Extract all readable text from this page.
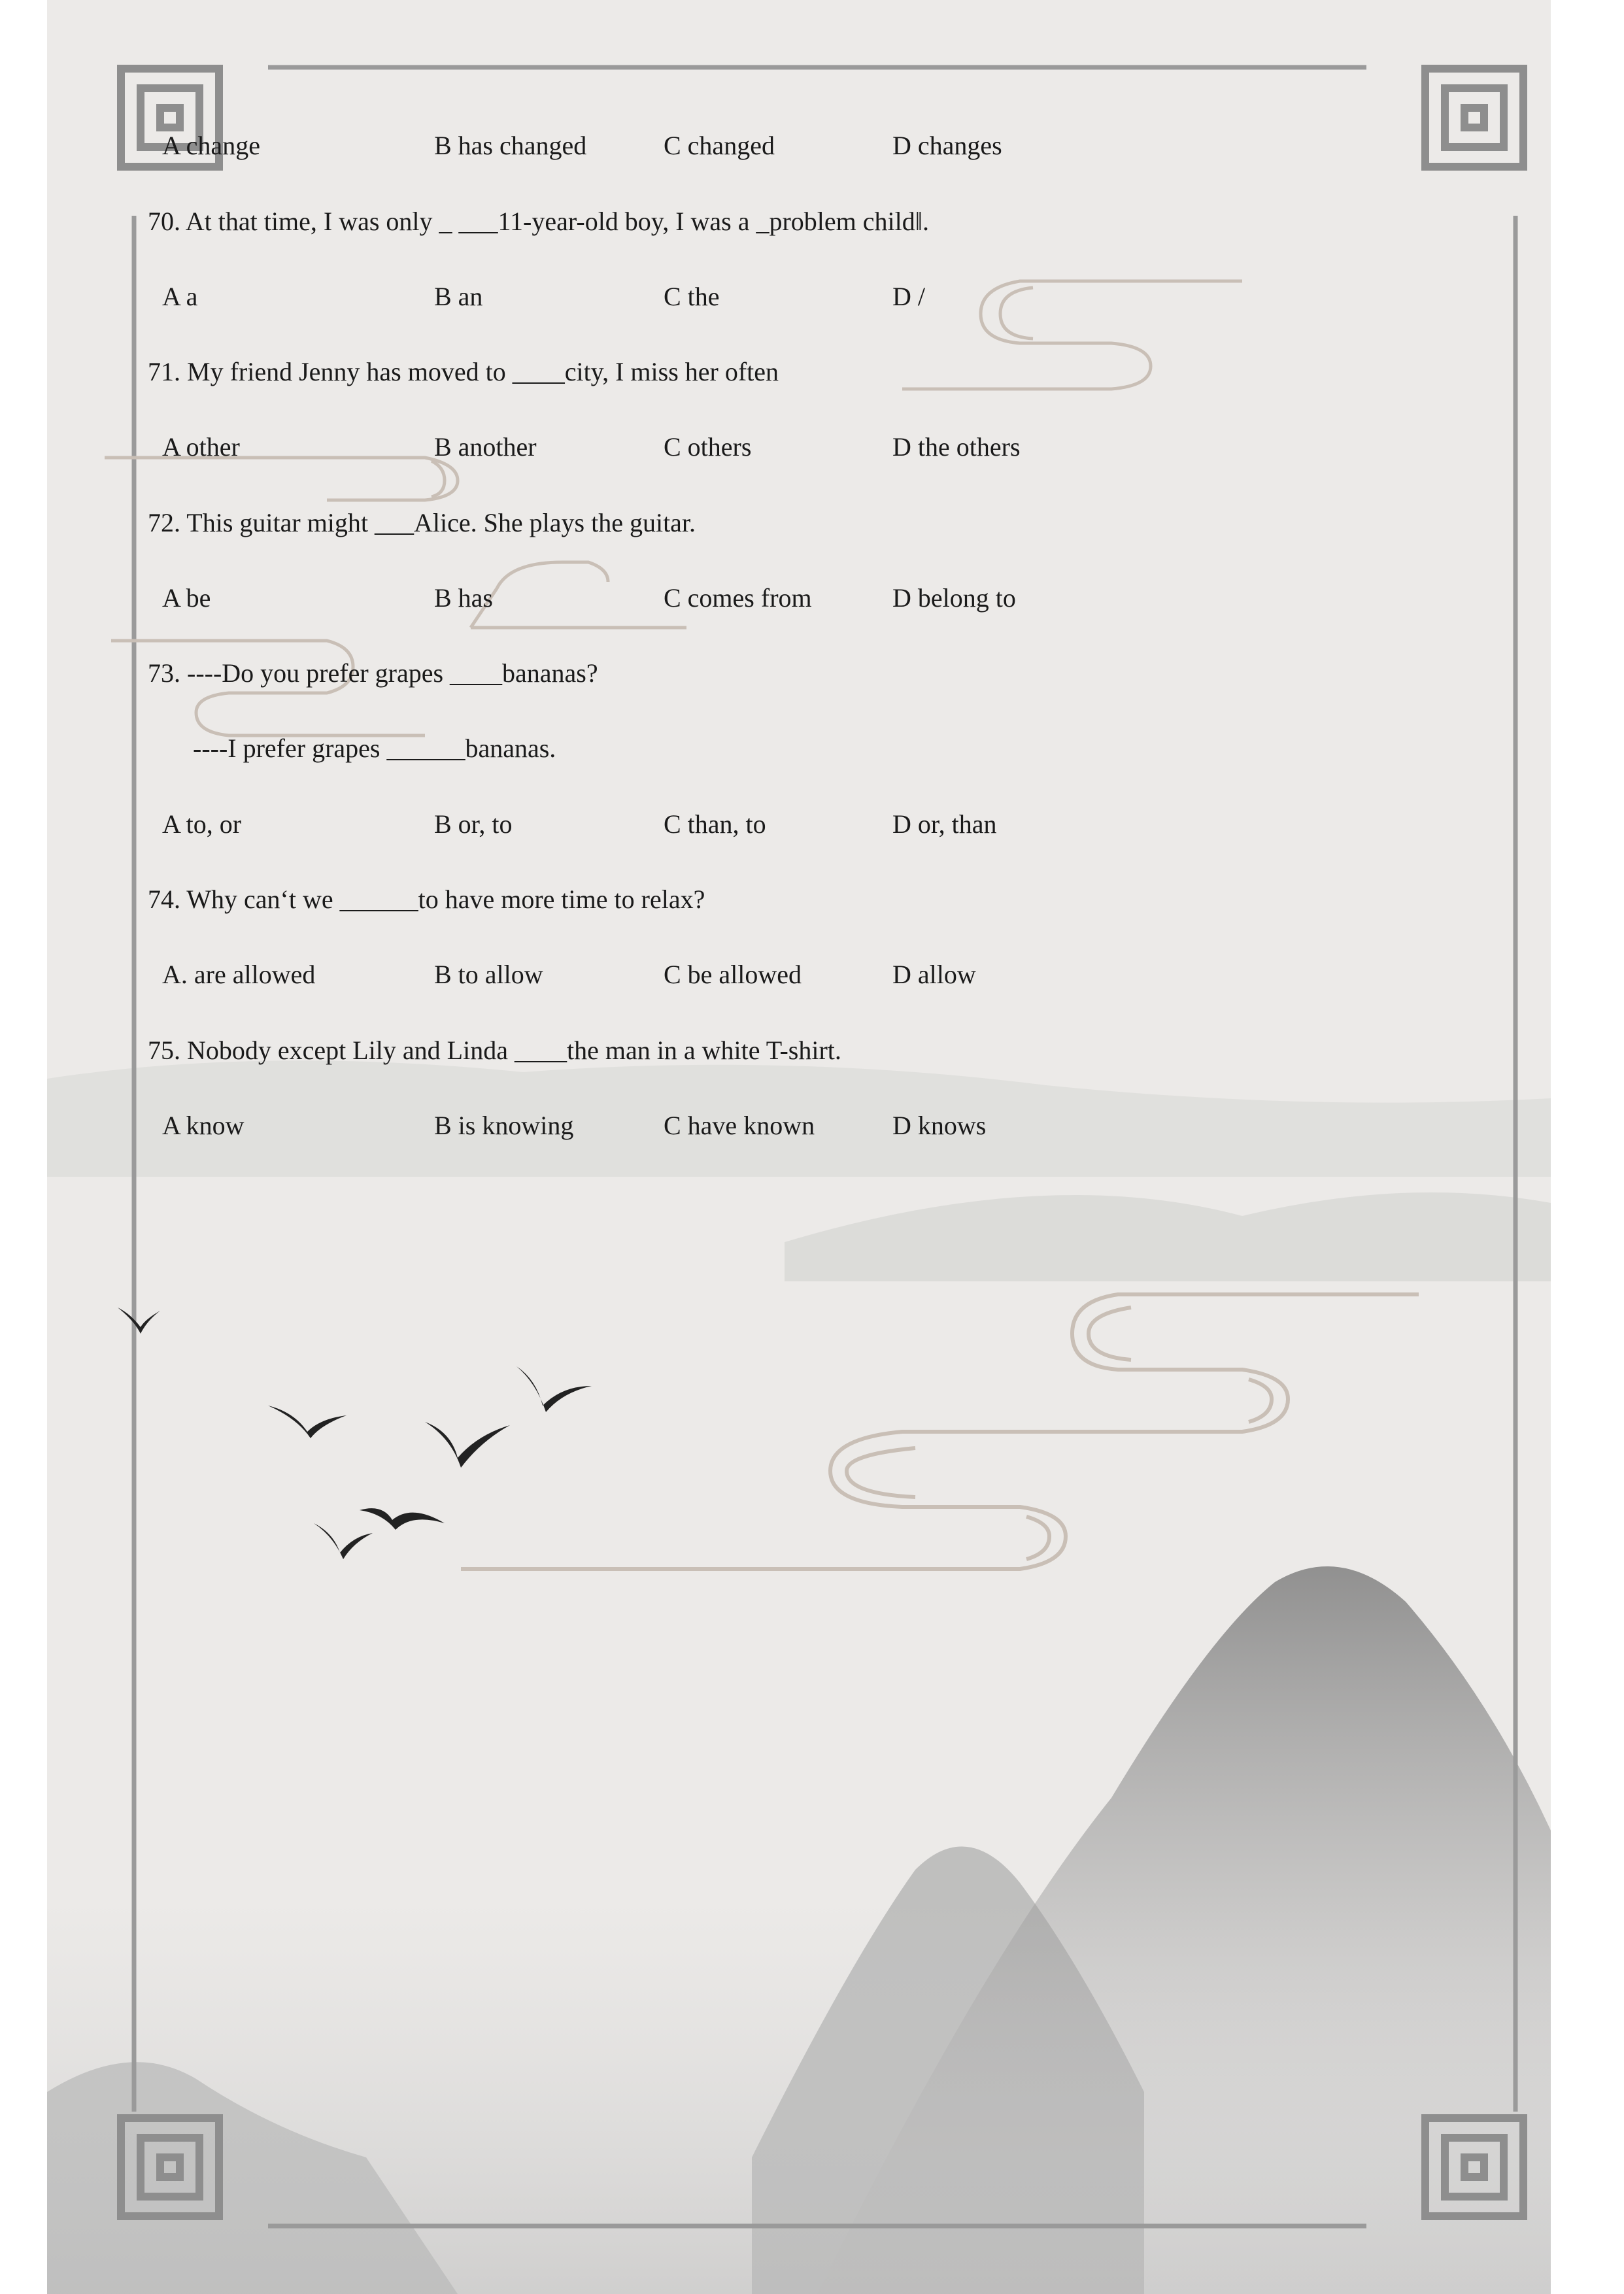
A change	B has changed	C changed	D changes
70. At that time, I was only _ ___11-year-old boy, I was a _problem child‖.
A a	B an	C the	D /
71. My friend Jenny has moved to ____city, I miss her often
A other	B another	C others	D the others
72. This guitar might ___Alice. She plays the guitar.
A be	B has	C comes from	D belong to
73. ----Do you prefer grapes ____bananas?
----I prefer grapes ______bananas.
A to, or	B or, to	C than, to	D or, than
74. Why can‘t we ______to have more time to relax?
A. are allowed	B to allow	C be allowed	D allow
75. Nobody except Lily and Linda ____the man in a white T-shirt.
A know	B is knowing	C have known	D knows
